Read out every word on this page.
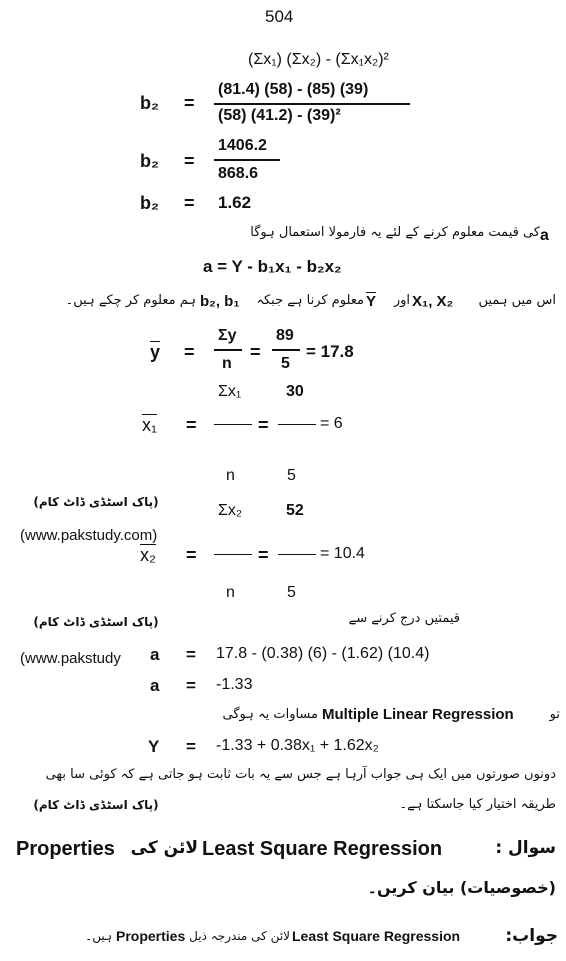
504
(Σx₁) (Σx₂) - (Σx₁x₂)²
b₂ =
(81.4) (58) - (85) (39)
(58) (41.2) - (39)²
b₂ =
1406.2
868.6
b₂ = 1.62
a
کی قیمت معلوم کرنے کے لئے یہ فارمولا استعمال ہوگا
a = Y - b₁x₁ - b₂x₂
اس میں ہمیں
X₁, X₂
اور
$\overline{Y}$
معلوم کرنا ہے جبکہ
b₂, b₁
ہم معلوم کر چکے ہیں۔
$\overline{y}$ =
Σy
n
=
89
5
= 17.8
Σx₁	30
x₁ =	=	= 6
n	5
(پاک اسٹڈی ڈاٹ کام)
(www.pakstudy.com)
Σx₂	52
x₂ =	=	= 10.4
n	5
قیمتیں درج کرنے سے
(پاک اسٹڈی ڈاٹ کام)
(www.pakstudy a = 17.8 - (0.38) (6) - (1.62) (10.4)
a = -1.33
تو
Multiple Linear Regression
مساوات یہ ہوگی
Y = -1.33 + 0.38x₁ + 1.62x₂
دونوں صورتوں میں ایک ہی جواب آرہا ہے جس سے یہ بات ثابت ہو جاتی ہے کہ کوئی سا بھی
طریقہ اختیار کیا جاسکتا ہے۔
(پاک اسٹڈی ڈاٹ کام)
سوال :
Least Square Regression
لائن کی
Properties
(خصوصیات) بیان کریں۔
جواب:
Least Square Regression
لائن کی مندرجہ ذیل
Properties
ہیں۔
